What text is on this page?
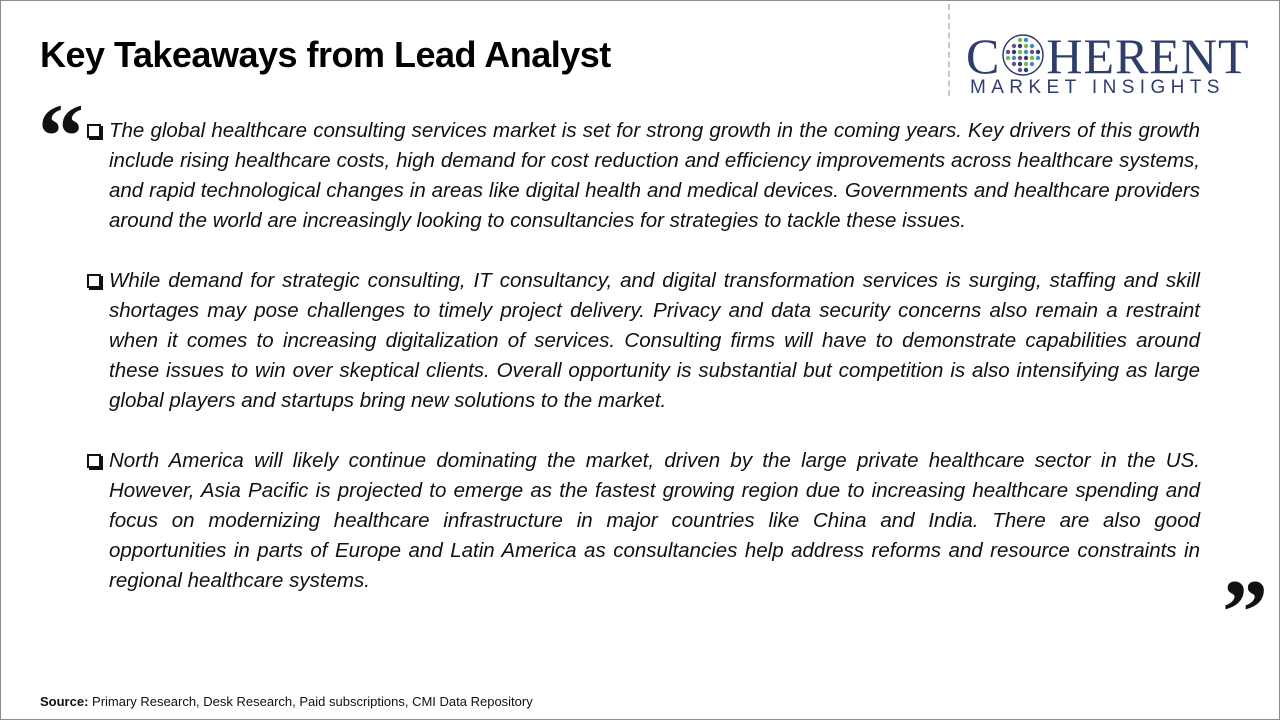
Key Takeaways from Lead Analyst	C HERENT
MARKET INSIGHTS
“	The global healthcare consulting services market is set for strong growth in the coming years. Key drivers of this growth include rising healthcare costs, high demand for cost reduction and efficiency improvements across healthcare systems, and rapid technological changes in areas like digital health and medical devices. Governments and healthcare providers around the world are increasingly looking to consultancies for strategies to tackle these issues.
While demand for strategic consulting, IT consultancy, and digital transformation services is surging, staffing and skill shortages may pose challenges to timely project delivery. Privacy and data security concerns also remain a restraint when it comes to increasing digitalization of services. Consulting firms will have to demonstrate capabilities around these issues to win over skeptical clients. Overall opportunity is substantial but competition is also intensifying as large global players and startups bring new solutions to the market.
North America will likely continue dominating the market, driven by the large private healthcare sector in the US. However, Asia Pacific is projected to emerge as the fastest growing region due to increasing healthcare spending and focus on modernizing healthcare infrastructure in major countries like China and India. There are also good opportunities in parts of Europe and Latin America as consultancies help address reforms and resource constraints in regional healthcare systems.	”
Source: Primary Research, Desk Research, Paid subscriptions, CMI Data Repository
